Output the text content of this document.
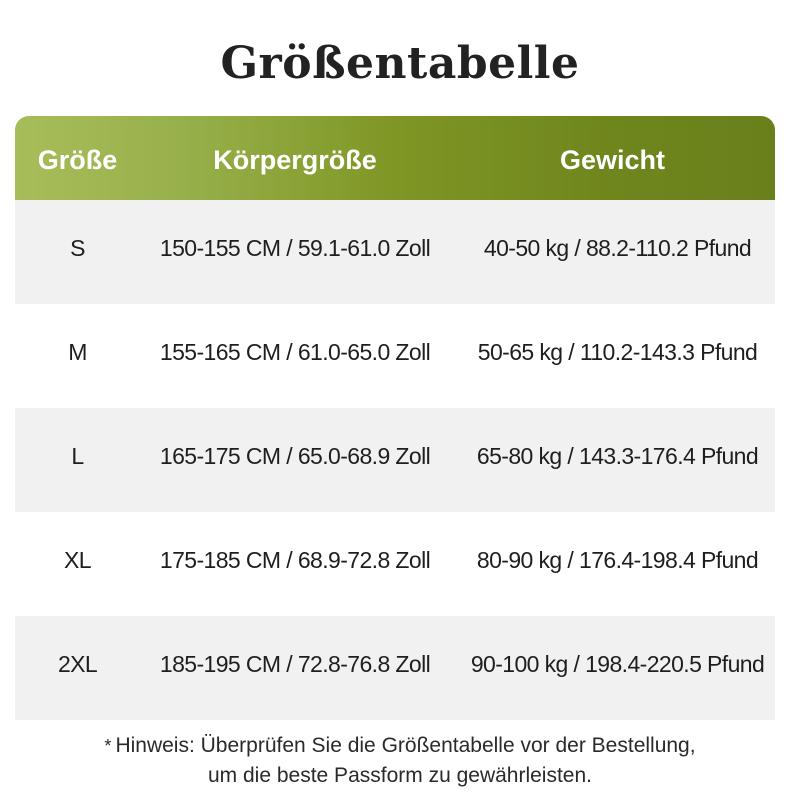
Größentabelle
Größe	Körpergröße	Gewicht
S	150-155 CM / 59.1-61.0 Zoll	40-50 kg / 88.2-110.2 Pfund
M	155-165 CM / 61.0-65.0 Zoll	50-65 kg / 110.2-143.3 Pfund
L	165-175 CM / 65.0-68.9 Zoll	65-80 kg / 143.3-176.4 Pfund
XL	175-185 CM / 68.9-72.8 Zoll	80-90 kg / 176.4-198.4 Pfund
2XL	185-195 CM / 72.8-76.8 Zoll	90-100 kg / 198.4-220.5 Pfund
* Hinweis: Überprüfen Sie die Größentabelle vor der Bestellung,
um die beste Passform zu gewährleisten.
